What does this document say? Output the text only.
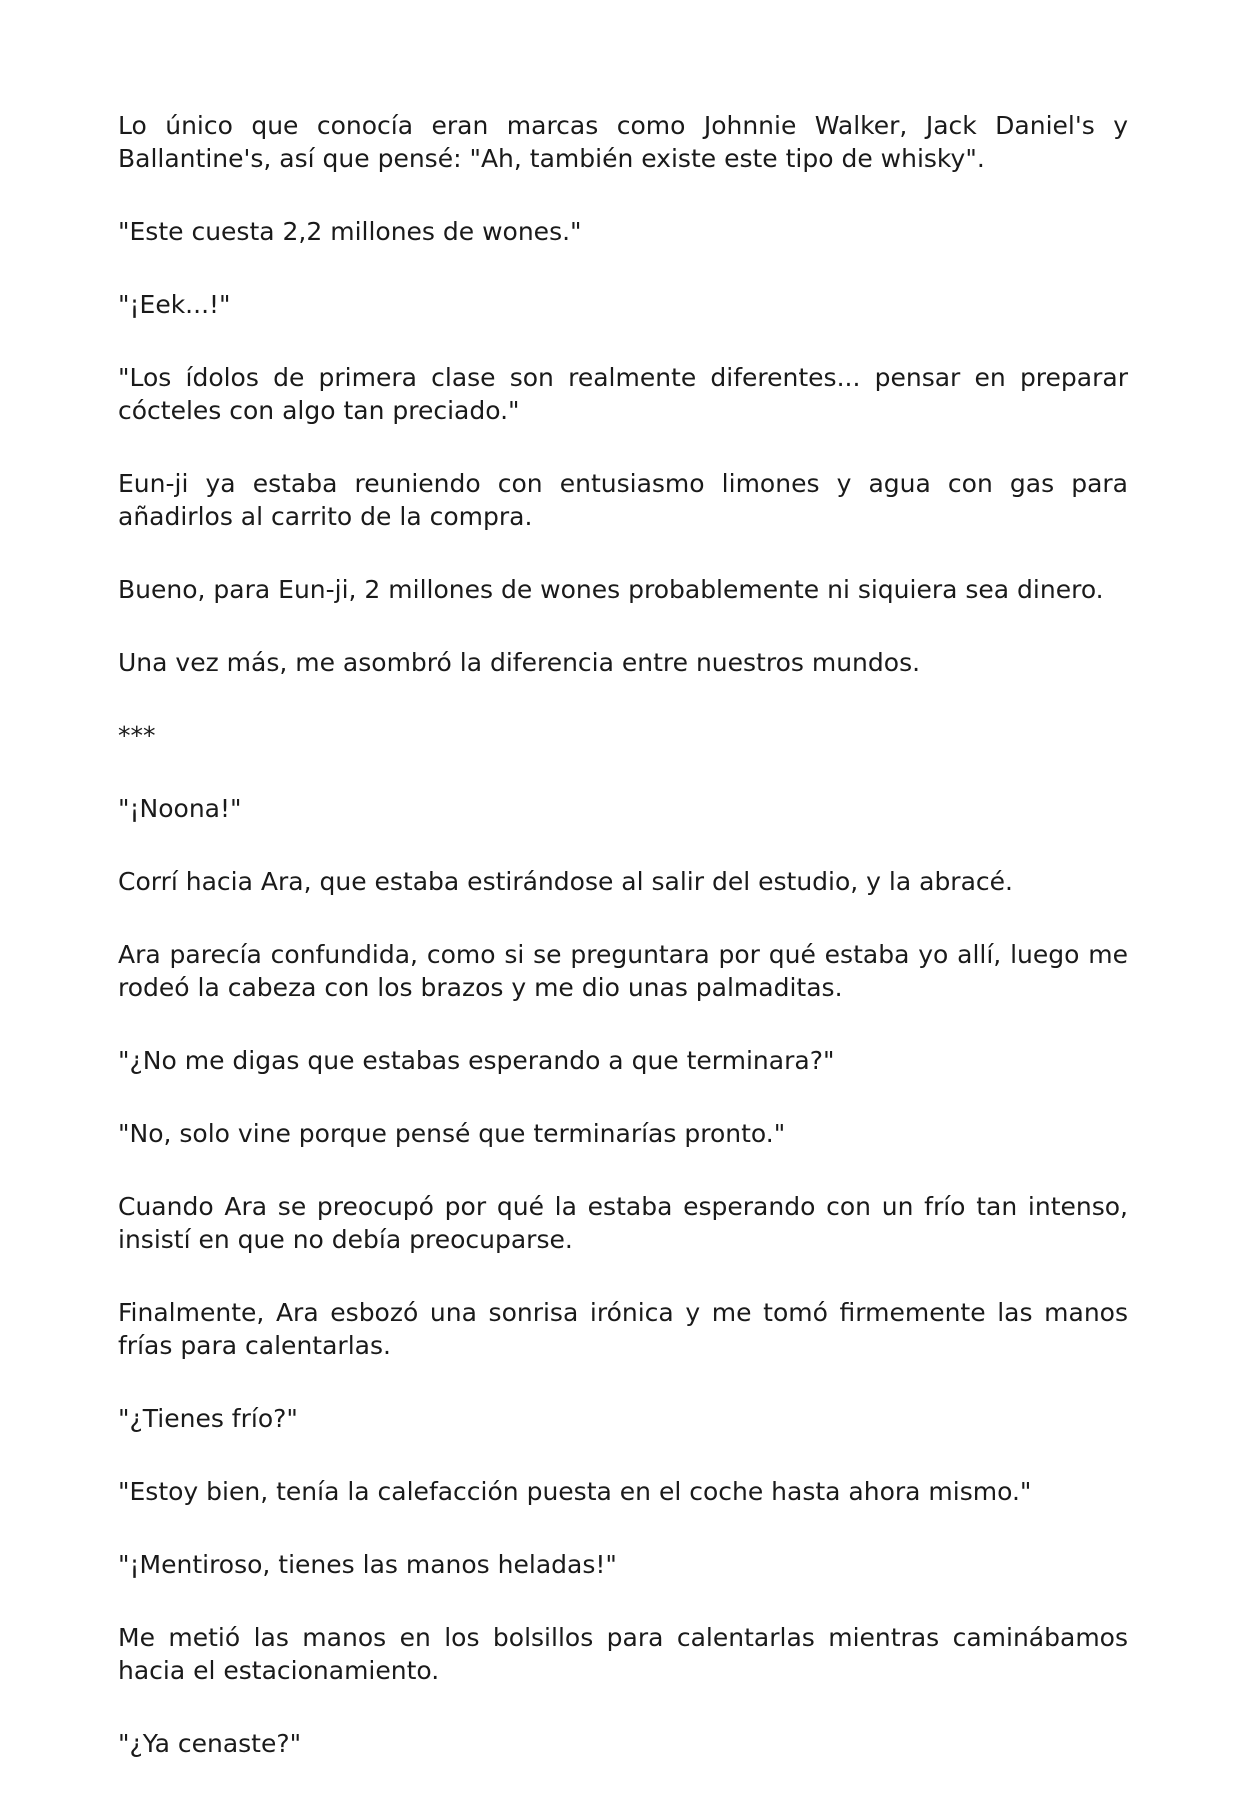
Lo único que conocía eran marcas como Johnnie Walker, Jack Daniel's y Ballantine's, así que pensé: "Ah, también existe este tipo de whisky".

"Este cuesta 2,2 millones de wones."

"¡Eek...!"

"Los ídolos de primera clase son realmente diferentes... pensar en preparar cócteles con algo tan preciado."

Eun-ji ya estaba reuniendo con entusiasmo limones y agua con gas para añadirlos al carrito de la compra.

Bueno, para Eun-ji, 2 millones de wones probablemente ni siquiera sea dinero.

Una vez más, me asombró la diferencia entre nuestros mundos.

***

"¡Noona!"

Corrí hacia Ara, que estaba estirándose al salir del estudio, y la abracé.

Ara parecía confundida, como si se preguntara por qué estaba yo allí, luego me rodeó la cabeza con los brazos y me dio unas palmaditas.

"¿No me digas que estabas esperando a que terminara?"

"No, solo vine porque pensé que terminarías pronto."

Cuando Ara se preocupó por qué la estaba esperando con un frío tan intenso, insistí en que no debía preocuparse.

Finalmente, Ara esbozó una sonrisa irónica y me tomó firmemente las manos frías para calentarlas.

"¿Tienes frío?"

"Estoy bien, tenía la calefacción puesta en el coche hasta ahora mismo."

"¡Mentiroso, tienes las manos heladas!"

Me metió las manos en los bolsillos para calentarlas mientras caminábamos hacia el estacionamiento.

"¿Ya cenaste?"
